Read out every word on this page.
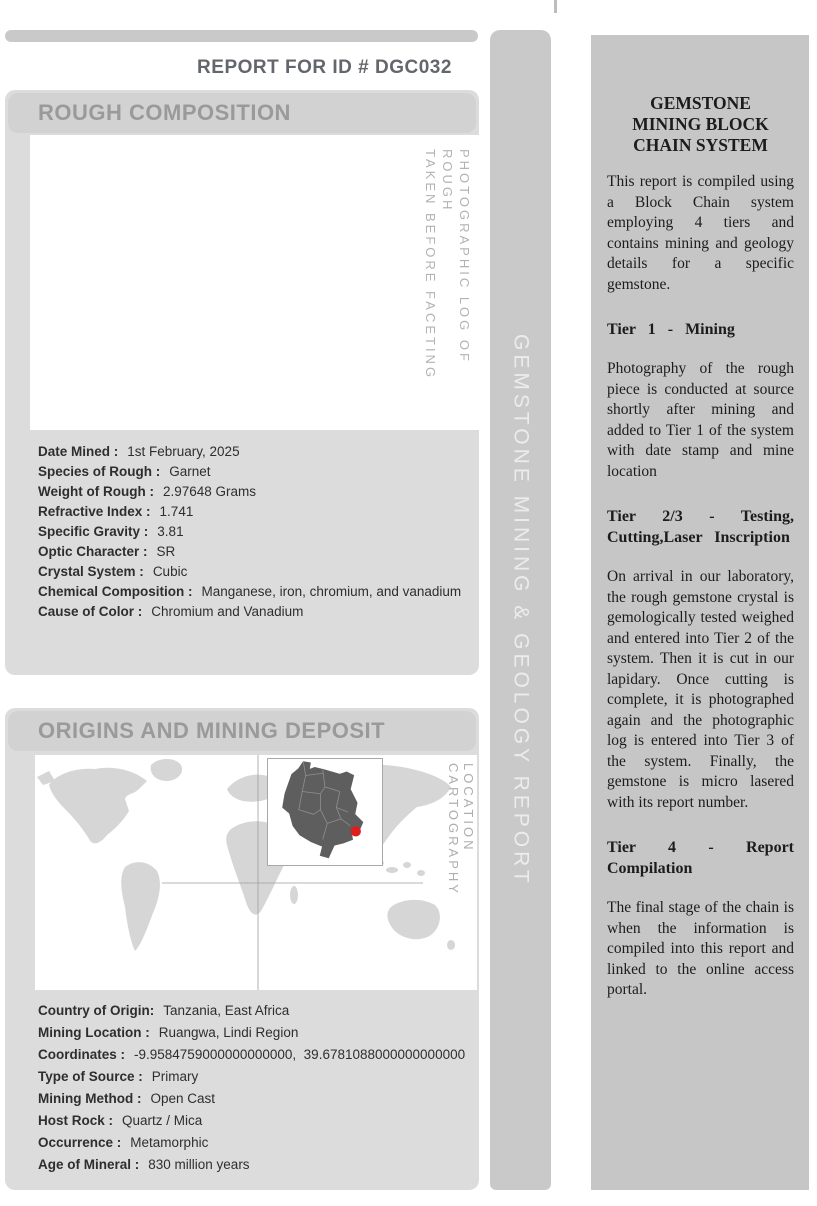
REPORT FOR ID # DGC032
ROUGH COMPOSITION
PHOTOGRAPHIC LOG OF ROUGH
TAKEN BEFORE FACETING
Date Mined : 1st February, 2025
Species of Rough : Garnet
Weight of Rough : 2.97648 Grams
Refractive Index : 1.741
Specific Gravity : 3.81
Optic Character : SR
Crystal System : Cubic
Chemical Composition : Manganese, iron, chromium, and vanadium
Cause of Color : Chromium and Vanadium
ORIGINS AND MINING DEPOSIT
LOCATION CARTOGRAPHY
Country of Origin: Tanzania, East Africa
Mining Location : Ruangwa, Lindi Region
Coordinates : -9.9584759000000000000,  39.6781088000000000000
Type of Source : Primary
Mining Method : Open Cast
Host Rock : Quartz / Mica
Occurrence : Metamorphic
Age of Mineral : 830 million years
GEMSTONE MINING & GEOLOGY REPORT
GEMSTONE MINING BLOCK CHAIN SYSTEM

This report is compiled using a Block Chain system employing 4 tiers and contains mining and geology details for a specific gemstone.

Tier 1 - Mining

Photography of the rough piece is conducted at source shortly after mining and added to Tier 1 of the system with date stamp and mine location

Tier 2/3 - Testing, Cutting,Laser Inscription

On arrival in our laboratory, the rough gemstone crystal is gemologically tested weighed and entered into Tier 2 of the system. Then it is cut in our lapidary. Once cutting is complete, it is photographed again and the photographic log is entered into Tier 3 of the system. Finally, the gemstone is micro lasered with its report number.

Tier 4 - Report Compilation

The final stage of the chain is when the information is compiled into this report and linked to the online access portal.
